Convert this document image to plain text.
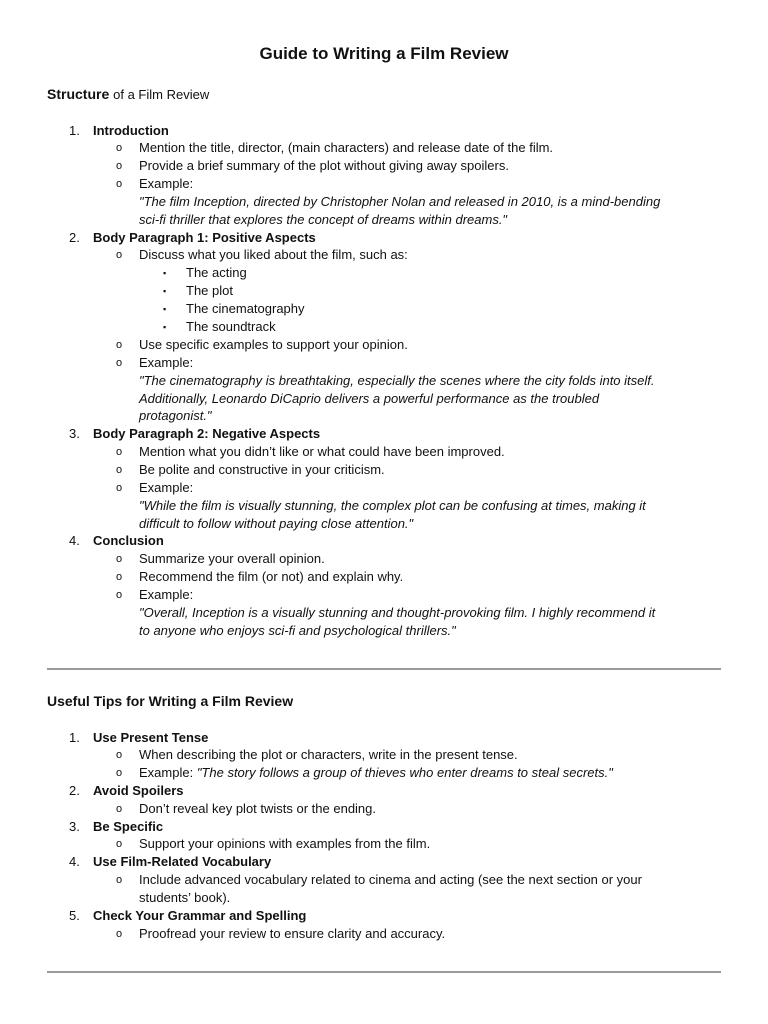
Guide to Writing a Film Review
Structure of a Film Review
1. Introduction
o Mention the title, director, (main characters) and release date of the film.
o Provide a brief summary of the plot without giving away spoilers.
o Example:
"The film Inception, directed by Christopher Nolan and released in 2010, is a mind-bending
sci-fi thriller that explores the concept of dreams within dreams."
2. Body Paragraph 1: Positive Aspects
o Discuss what you liked about the film, such as:
▪ The acting
▪ The plot
▪ The cinematography
▪ The soundtrack
o Use specific examples to support your opinion.
o Example:
"The cinematography is breathtaking, especially the scenes where the city folds into itself.
Additionally, Leonardo DiCaprio delivers a powerful performance as the troubled
protagonist."
3. Body Paragraph 2: Negative Aspects
o Mention what you didn’t like or what could have been improved.
o Be polite and constructive in your criticism.
o Example:
"While the film is visually stunning, the complex plot can be confusing at times, making it
difficult to follow without paying close attention."
4. Conclusion
o Summarize your overall opinion.
o Recommend the film (or not) and explain why.
o Example:
"Overall, Inception is a visually stunning and thought-provoking film. I highly recommend it
to anyone who enjoys sci-fi and psychological thrillers."
Useful Tips for Writing a Film Review
1. Use Present Tense
o When describing the plot or characters, write in the present tense.
o Example: "The story follows a group of thieves who enter dreams to steal secrets."
2. Avoid Spoilers
o Don’t reveal key plot twists or the ending.
3. Be Specific
o Support your opinions with examples from the film.
4. Use Film-Related Vocabulary
o Include advanced vocabulary related to cinema and acting (see the next section or your
students’ book).
5. Check Your Grammar and Spelling
o Proofread your review to ensure clarity and accuracy.
